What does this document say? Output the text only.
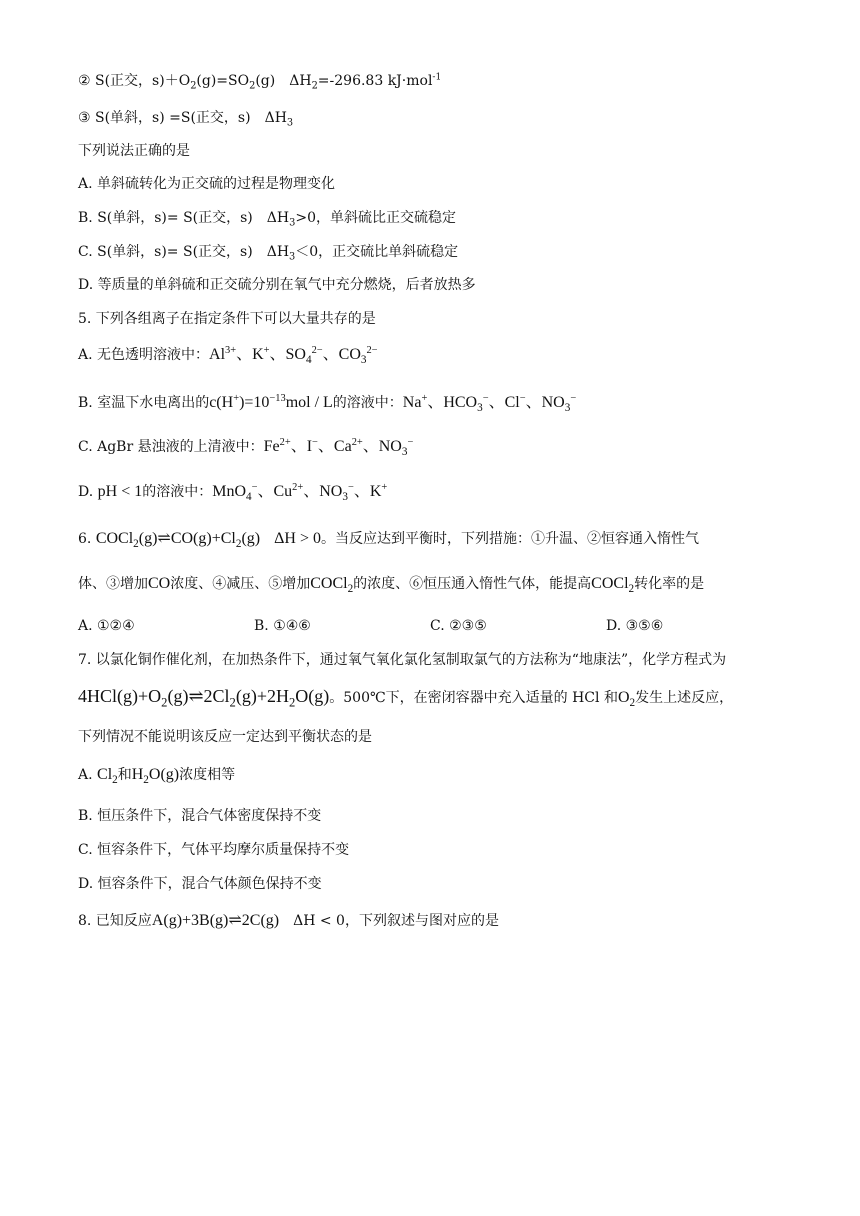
② S(正交，$s)+O_2(g)=SO_2(g)$ $\Delta H_2=-296.83$ kJ·mol$^{-1}$
③ S(单斜，s) =S(正交，s) $\Delta H_3$
下列说法正确的是
A. 单斜硫转化为正交硫的过程是物理变化
B. S(单斜，s)= S(正交，s) $\Delta H_3>0$，单斜硫比正交硫稳定
C. S(单斜，s)= S(正交，s) $\Delta H_3<0$，正交硫比单斜硫稳定
D. 等质量的单斜硫和正交硫分别在氧气中充分燃烧，后者放热多
5. 下列各组离子在指定条件下可以大量共存的是
A. 无色透明溶液中：$Al^{3+}$、K+、$SO_4^{2-}$、$CO_3^{2-}$
B. 室温下水电离出的$c(H^+)=10^{-13}mol / L$的溶液中：Na+、$HCO_3^-$、Cl−、$NO_3^-$
C. AgBr 悬浊液的上清液中：$Fe^{2+}$、I−、$Ca^{2+}$、$NO_3^-$
D. pH < 1的溶液中：MnO$_4$−、$Cu^{2+}$、$NO_3^-$、K+
6. $COCl_2(g)\rightleftharpoons CO(g)+Cl_2(g) \Delta H > 0$。当反应达到平衡时，下列措施：①升温、②恒容通入惰性气
体、③增加CO浓度、④减压、⑤增加COCl$_2$的浓度、⑥恒压通入惰性气体，能提高COCl$_2$转化率的是
A. ①②④	B. ①④⑥	C. ②③⑤	D. ③⑤⑥
7. 以氯化铜作催化剂，在加热条件下，通过氧气氧化氯化氢制取氯气的方法称为“地康法”，化学方程式为
$4HCl(g)+O_2(g)\rightleftharpoons 2Cl_2(g)+2H_2O(g)$。500℃下，在密闭容器中充入适量的 HCl 和$O_2$发生上述反应，
下列情况不能说明该反应一定达到平衡状态的是
A. $Cl_2$和$H_2O(g)$浓度相等
B. 恒压条件下，混合气体密度保持不变
C. 恒容条件下，气体平均摩尔质量保持不变
D. 恒容条件下，混合气体颜色保持不变
8. 已知反应A(g)+3B(g)⇌2C(g) ΔH < 0，下列叙述与图对应的是
